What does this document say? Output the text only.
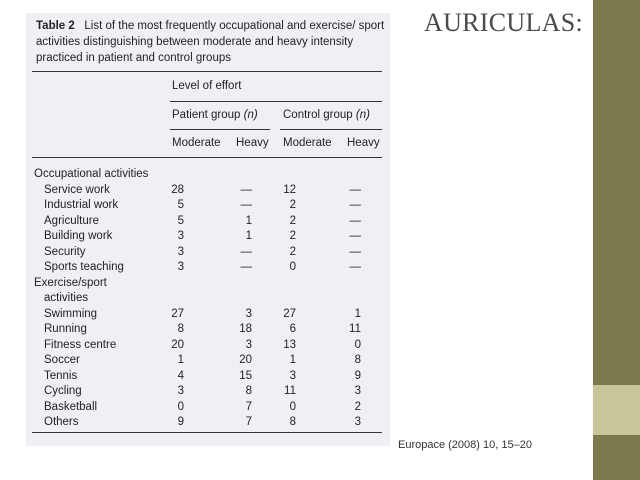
AURICULAS:
Table 2 List of the most frequently occupational and exercise/ sport activities distinguishing between moderate and heavy intensity practiced in patient and control groups
Level of effort
Patient group (n) Control group (n)
Moderate Heavy Moderate Heavy
Occupational activities
Service work	28	—	12	—
Industrial work	5	—	2	—
Agriculture	5	1	2	—
Building work	3	1	2	—
Security	3	—	2	—
Sports teaching	3	—	0	—
Exercise/sport
activities
Swimming	27	3	27	1
Running	8	18	6	11
Fitness centre	20	3	13	0
Soccer	1	20	1	8
Tennis	4	15	3	9
Cycling	3	8	11	3
Basketball	0	7	0	2
Others	9	7	8	3
Europace (2008) 10, 15–20
